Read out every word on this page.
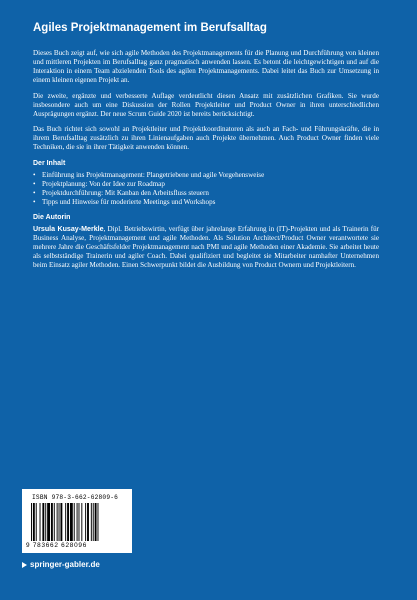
Agiles Projektmanagement im Berufsalltag

Dieses Buch zeigt auf, wie sich agile Methoden des Projektmanagements für die Planung und Durchführung von kleinen und mittleren Projekten im Berufsalltag ganz pragmatisch anwenden lassen. Es betont die leichtgewichtigen und auf die Interaktion in einem Team abzielenden Tools des agilen Projektmanagements. Dabei leitet das Buch zur Umsetzung in einem kleinen eigenen Projekt an.

Die zweite, ergänzte und verbesserte Auflage verdeutlicht diesen Ansatz mit zusätzlichen Grafiken. Sie wurde insbesondere auch um eine Diskussion der Rollen Projektleiter und Product Owner in ihren unterschiedlichen Ausprägungen ergänzt. Der neue Scrum Guide 2020 ist bereits berücksichtigt.

Das Buch richtet sich sowohl an Projektleiter und Projektkoordinatoren als auch an Fach- und Führungskräfte, die in ihrem Berufsalltag zusätzlich zu ihren Linienaufgaben auch Projekte übernehmen. Auch Product Owner finden viele Techniken, die sie in ihrer Tätigkeit anwenden können.

Der Inhalt
• Einführung ins Projektmanagement: Plangetriebene und agile Vorgehensweise
• Projektplanung: Von der Idee zur Roadmap
• Projektdurchführung: Mit Kanban den Arbeitsfluss steuern
• Tipps und Hinweise für moderierte Meetings und Workshops
Die Autorin

Ursula Kusay-Merkle, Dipl. Betriebswirtin, verfügt über jahrelange Erfahrung in (IT)-Projekten und als Trainerin für Business Analyse, Projektmanagement und agile Methoden. Als Solution Architect/Product Owner verantwortete sie mehrere Jahre die Geschäftsfelder Projektmanagement nach PMI und agile Methoden einer Akademie. Sie arbeitet heute als selbstständige Trainerin und agiler Coach. Dabei qualifiziert und begleitet sie Mitarbeiter namhafter Unternehmen beim Einsatz agiler Methoden. Einen Schwerpunkt bildet die Ausbildung von Product Ownern und Projektleitern.

ISBN 978-3-662-62809-6
9 783662 628096
springer-gabler.de
